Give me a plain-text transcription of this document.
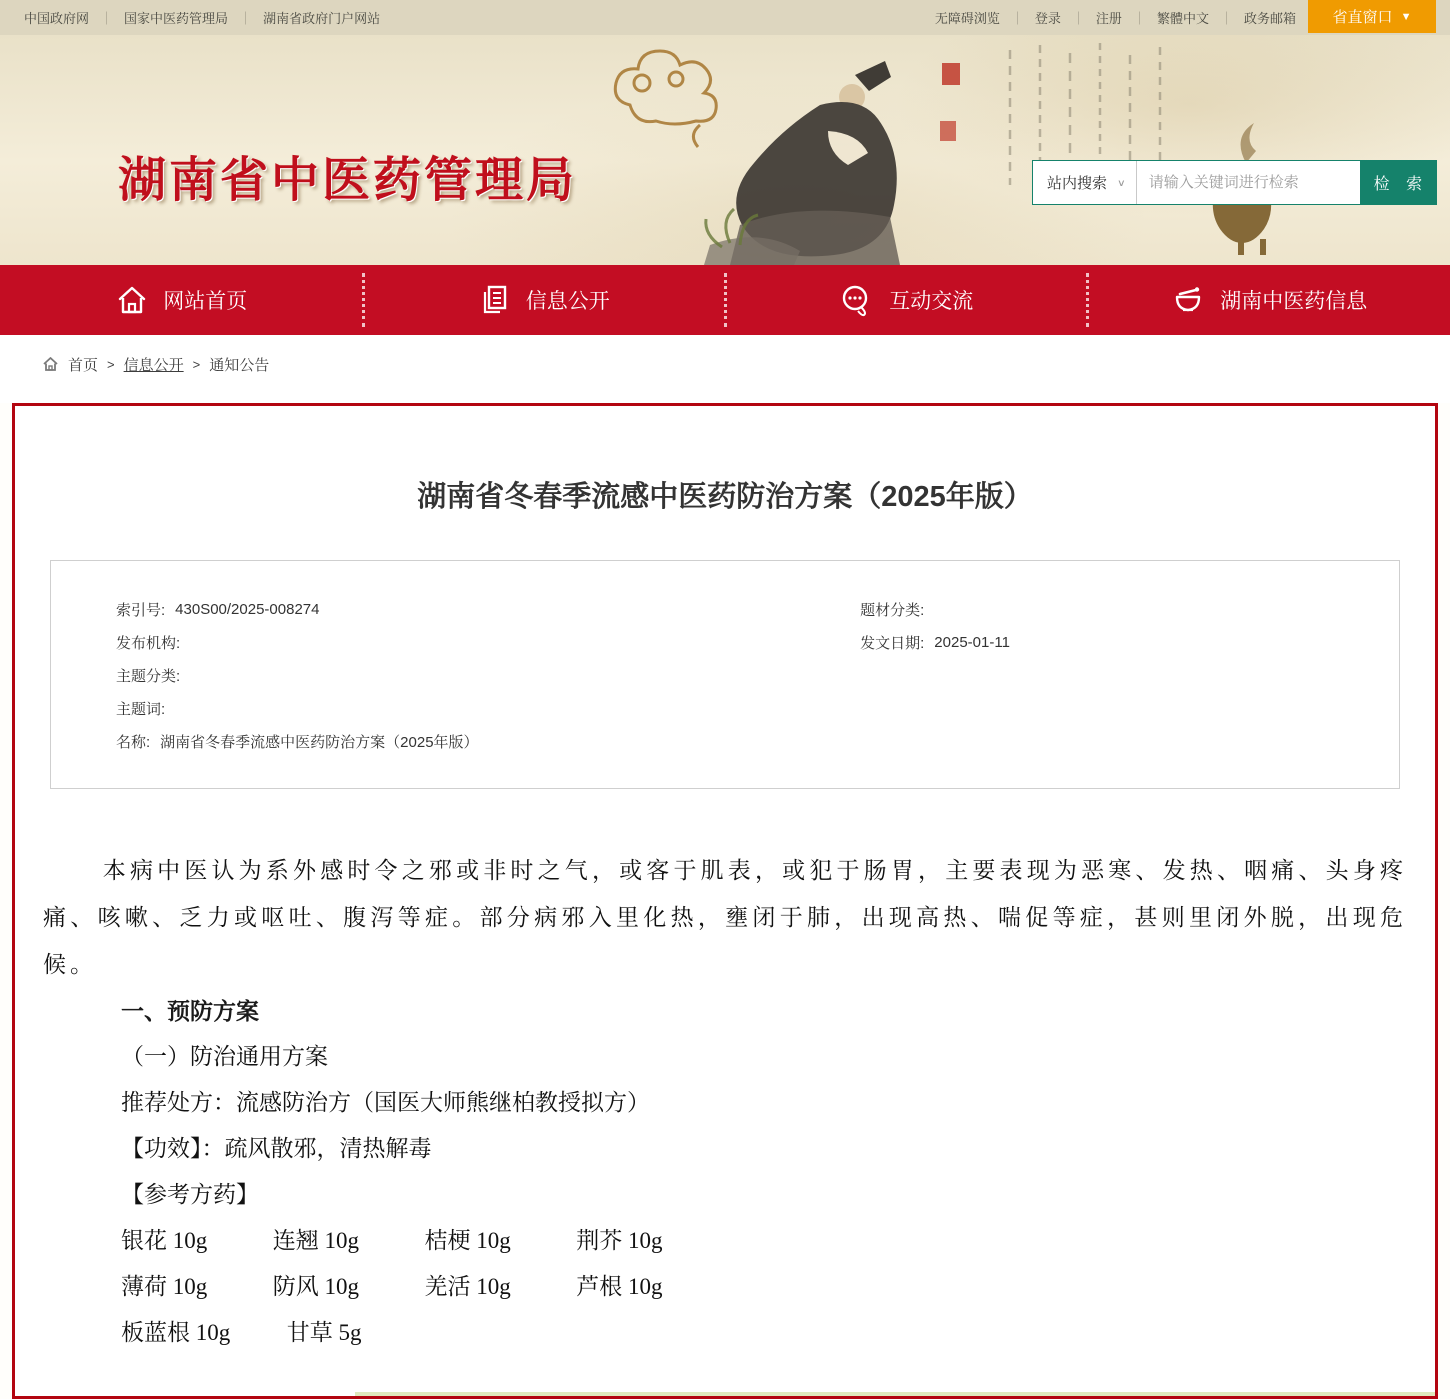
中国政府网 ｜ 国家中医药管理局 ｜ 湖南省政府门户网站	无障碍浏览 ｜ 登录 ｜ 注册 ｜ 繁體中文 ｜ 政务邮箱 省直窗口 ▼
湖南省中医药管理局	站内搜索 ∨
请输入关键词进行检索	检 索
网站首页	信息公开	互动交流	湖南中医药信息
首页 > 信息公开 > 通知公告
湖南省冬春季流感中医药防治方案（2025年版）
索引号: 430S00/2025-008274
发布机构:
主题分类:
主题词:
名称: 湖南省冬春季流感中医药防治方案（2025年版）
题材分类:
发文日期: 2025-01-11

本病中医认为系外感时令之邪或非时之气，或客于肌表，或犯于肠胃，主要表现为恶寒、发热、咽痛、头身疼痛、咳嗽、乏力或呕吐、腹泻等症。部分病邪入里化热，壅闭于肺，出现高热、喘促等症，甚则里闭外脱，出现危候。

一、预防方案
（一）防治通用方案
推荐处方：流感防治方（国医大师熊继柏教授拟方）
【功效】：疏风散邪，清热解毒
【参考方药】
银花 10g	连翘 10g	桔梗 10g	荆芥 10g
薄荷 10g	防风 10g	羌活 10g	芦根 10g
板蓝根 10g 甘草 5g
